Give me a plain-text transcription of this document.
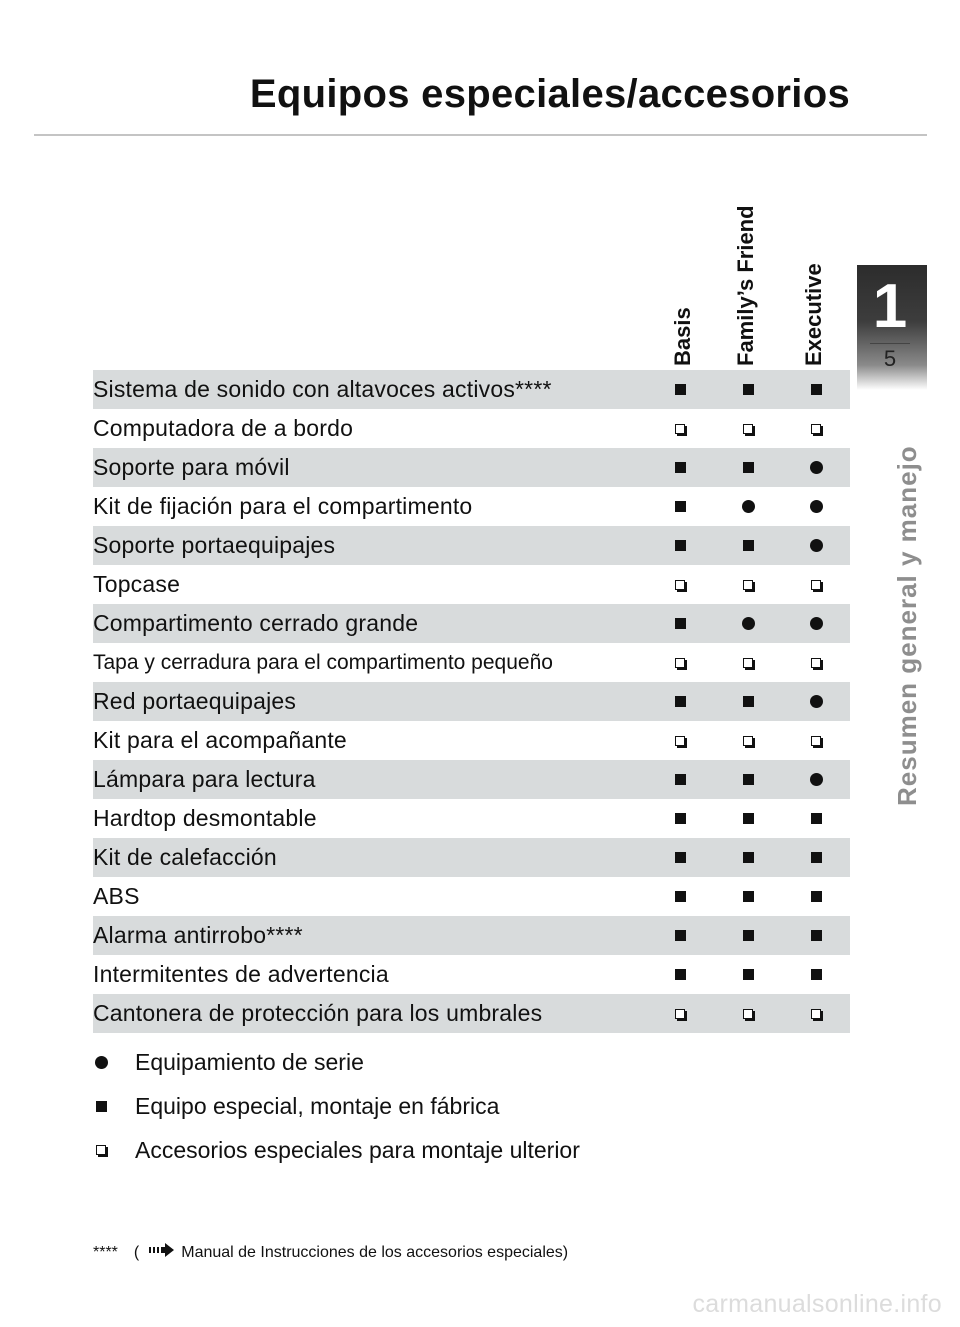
Equipos especiales/accesorios
1
5
Resumen general y manejo
Basis Family’s Friend Executive
Sistema de sonido con altavoces activos****
Computadora de a bordo
Soporte para móvil
Kit de fijación para el compartimento
Soporte portaequipajes
Topcase
Compartimento cerrado grande
Tapa y cerradura para el compartimento pequeño
Red portaequipajes
Kit para el acompañante
Lámpara para lectura
Hardtop desmontable
Kit de calefacción
ABS
Alarma antirrobo****
Intermitentes de advertencia
Cantonera de protección para los umbrales
Equipamiento de serie
Equipo especial, montaje en fábrica
Accesorios especiales para montaje ulterior
**** (	Manual de Instrucciones de los accesorios especiales)
carmanualsonline.info
